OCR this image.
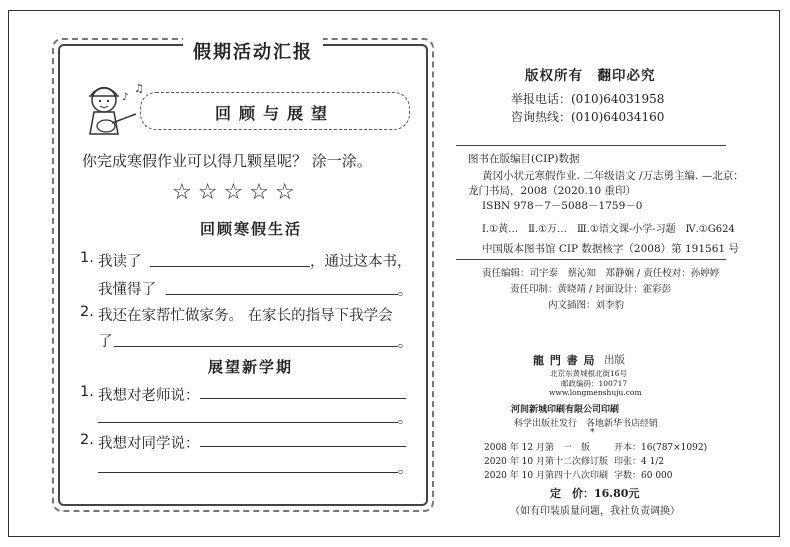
假期活动汇报
♪
♫
回顾与展望
你完成寒假作业可以得几颗星呢？ 涂一涂。
☆☆☆☆☆
回顾寒假生活
1. 我读了	，通过这本书，
我懂得了	。
2. 我还在家帮忙做家务。 在家长的指导下我学会
了	。
展望新学期
1. 我想对老师说：
。
2. 我想对同学说：
。
版权所有　翻印必究
举报电话：(010)64031958
咨询热线：(010)64034160
图书在版编目(CIP)数据
黄冈小状元寒假作业. 二年级语文 /万志勇主编. —北京：
龙门书局，2008（2020.10 重印）
ISBN 978－7－5088－1759－0
Ⅰ.①黄…　Ⅱ.①万…　Ⅲ.①语文课-小学-习题　Ⅳ.①G624
中国版本图书馆 CIP 数据核字（2008）第 191561 号
责任编辑：司宇泰　蔡沁知　郑静娴 / 责任校对：孙婷婷
责任印制：黄晓靖 / 封面设计：霍彩彭
内文插图：刘李豹
龍 門 書 局 出版
北京东黄城根北街16号
邮政编码：100717
www.longmenshuju.com
河间新城印刷有限公司印刷
科学出版社发行　各地新华书店经销
*
2008 年 12 月第　一　版	开本：16(787×1092)
2020 年 10 月第十二次修订版 印张：4 1/2
2020 年 10 月第四十八次印刷 字数：60 000
定　价：16.80元
（如有印装质量问题，我社负责调换）
